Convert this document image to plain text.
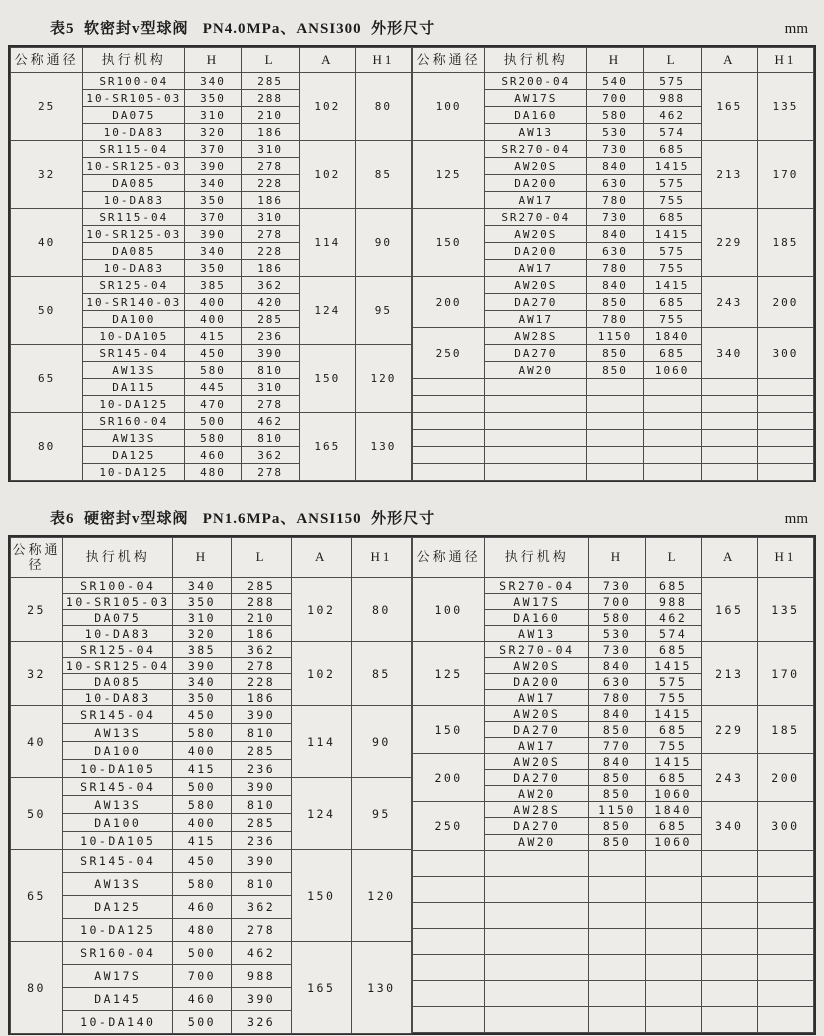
表5  软密封v型球阀   PN4.0MPa、ANSI300  外形尺寸	mm
公称通径	执行机构	H	L	A	H1
25	SR100-04	340	285	102	80
	10-SR105-03	350	288		
	DA075	310	210		
	10-DA83	320	186		
32	SR115-04	370	310	102	85
	10-SR125-03	390	278		
	DA085	340	228		
	10-DA83	350	186		
40	SR115-04	370	310	114	90
	10-SR125-03	390	278		
	DA085	340	228		
	10-DA83	350	186		
50	SR125-04	385	362	124	95
	10-SR140-03	400	420		
	DA100	400	285		
	10-DA105	415	236		
65	SR145-04	450	390	150	120
	AW13S	580	810		
	DA115	445	310		
	10-DA125	470	278		
80	SR160-04	500	462	165	130
	AW13S	580	810		
	DA125	460	362		
	10-DA125	480	278		
公称通径	执行机构	H	L	A	H1
100	SR200-04	540	575	165	135
	AW17S	700	988		
	DA160	580	462		
	AW13	530	574		
125	SR270-04	730	685	213	170
	AW20S	840	1415		
	DA200	630	575		
	AW17	780	755		
150	SR270-04	730	685	229	185
	AW20S	840	1415		
	DA200	630	575		
	AW17	780	755		
200	AW20S	840	1415	243	200
	DA270	850	685		
	AW17	780	755		
250	AW28S	1150	1840	340	300
	DA270	850	685		
	AW20	850	1060		

表6  硬密封v型球阀   PN1.6MPa、ANSI150  外形尺寸	mm
公称通径	执行机构	H	L	A	H1
25	SR100-04	340	285	102	80
	10-SR105-03	350	288		
	DA075	310	210		
	10-DA83	320	186		
32	SR125-04	385	362	102	85
	10-SR125-04	390	278		
	DA085	340	228		
	10-DA83	350	186		
40	SR145-04	450	390	114	90
	AW13S	580	810		
	DA100	400	285		
	10-DA105	415	236		
50	SR145-04	500	390	124	95
	AW13S	580	810		
	DA100	400	285		
	10-DA105	415	236		
65	SR145-04	450	390	150	120
	AW13S	580	810		
	DA125	460	362		
	10-DA125	480	278		
80	SR160-04	500	462	165	130
	AW17S	700	988		
	DA145	460	390		
	10-DA140	500	326		
公称通径	执行机构	H	L	A	H1
100	SR270-04	730	685	165	135
	AW17S	700	988		
	DA160	580	462		
	AW13	530	574		
125	SR270-04	730	685	213	170
	AW20S	840	1415		
	DA200	630	575		
	AW17	780	755		
150	AW20S	840	1415	229	185
	DA270	850	685		
	AW17	770	755		
200	AW20S	840	1415	243	200
	DA270	850	685		
	AW20	850	1060		
250	AW28S	1150	1840	340	300
	DA270	850	685		
	AW20	850	1060		
